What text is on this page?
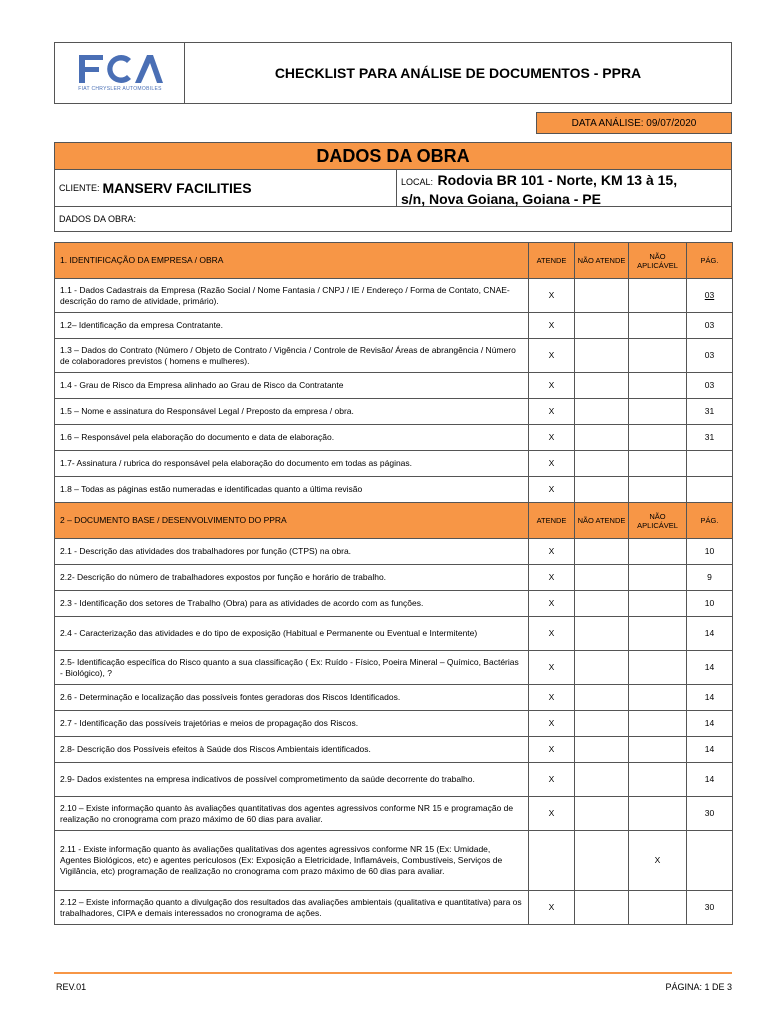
FIAT CHRYSLER AUTOMOBILES
CHECKLIST PARA ANÁLISE DE DOCUMENTOS - PPRA
DATA ANÁLISE: 09/07/2020
DADOS DA OBRA
CLIENTE: MANSERV FACILITIES	LOCAL: Rodovia BR 101 - Norte, KM 13 à 15,
s/n, Nova Goiana, Goiana - PE
DADOS DA OBRA:
1. IDENTIFICAÇÃO DA EMPRESA / OBRA	ATENDE	NÃO ATENDE	NÃO APLICÁVEL	PÁG.
1.1 - Dados Cadastrais da Empresa (Razão Social / Nome Fantasia / CNPJ / IE / Endereço / Forma de Contato, CNAE- descrição do ramo de atividade, primário).	X			03
1.2– Identificação da empresa Contratante.	X			03
1.3 – Dados do Contrato (Número / Objeto de Contrato / Vigência / Controle de Revisão/ Áreas de abrangência / Número de colaboradores previstos ( homens e mulheres).	X			03
1.4 - Grau de Risco da Empresa alinhado ao Grau de Risco da Contratante	X			03
1.5 – Nome e assinatura do Responsável Legal / Preposto da empresa / obra.	X			31
1.6 – Responsável pela elaboração do documento e data de elaboração.	X			31
1.7- Assinatura / rubrica do responsável pela elaboração do documento em todas as páginas.	X			
1.8 – Todas as páginas estão numeradas e identificadas quanto a última revisão	X			
2 – DOCUMENTO BASE / DESENVOLVIMENTO DO PPRA	ATENDE	NÃO ATENDE	NÃO APLICÁVEL	PÁG.
2.1 - Descrição das atividades dos trabalhadores por função (CTPS) na obra.	X			10
2.2- Descrição do número de trabalhadores expostos por função e horário de trabalho.	X			9
2.3 - Identificação dos setores de Trabalho (Obra) para as atividades de acordo com as funções.	X			10
2.4 - Caracterização das atividades e do tipo de exposição (Habitual e Permanente ou Eventual e Intermitente)	X			14
2.5- Identificação específica do Risco quanto a sua classificação ( Ex: Ruído - Físico, Poeira Mineral – Químico, Bactérias - Biológico), ?	X			14
2.6 - Determinação e localização das possíveis fontes geradoras dos Riscos Identificados.	X			14
2.7 - Identificação das possíveis trajetórias e meios de propagação dos Riscos.	X			14
2.8- Descrição dos Possíveis efeitos à Saúde dos Riscos Ambientais identificados.	X			14
2.9- Dados existentes na empresa indicativos de possível comprometimento da saúde decorrente do trabalho.	X			14
2.10 – Existe informação quanto às avaliações quantitativas dos agentes agressivos conforme NR 15 e programação de realização no cronograma com prazo máximo de 60 dias para avaliar.	X			30
2.11 - Existe informação quanto às avaliações qualitativas dos agentes agressivos conforme NR 15 (Ex: Umidade, Agentes Biológicos, etc) e agentes periculosos (Ex: Exposição a Eletricidade, Inflamáveis, Combustíveis, Serviços de Vigilância, etc) programação de realização no cronograma com prazo máximo de 60 dias para avaliar.			X	
2.12 – Existe informação quanto a divulgação dos resultados das avaliações ambientais (qualitativa e quantitativa) para os trabalhadores, CIPA e demais interessados no cronograma de ações.	X			30
REV.01	PÁGINA: 1 DE 3
